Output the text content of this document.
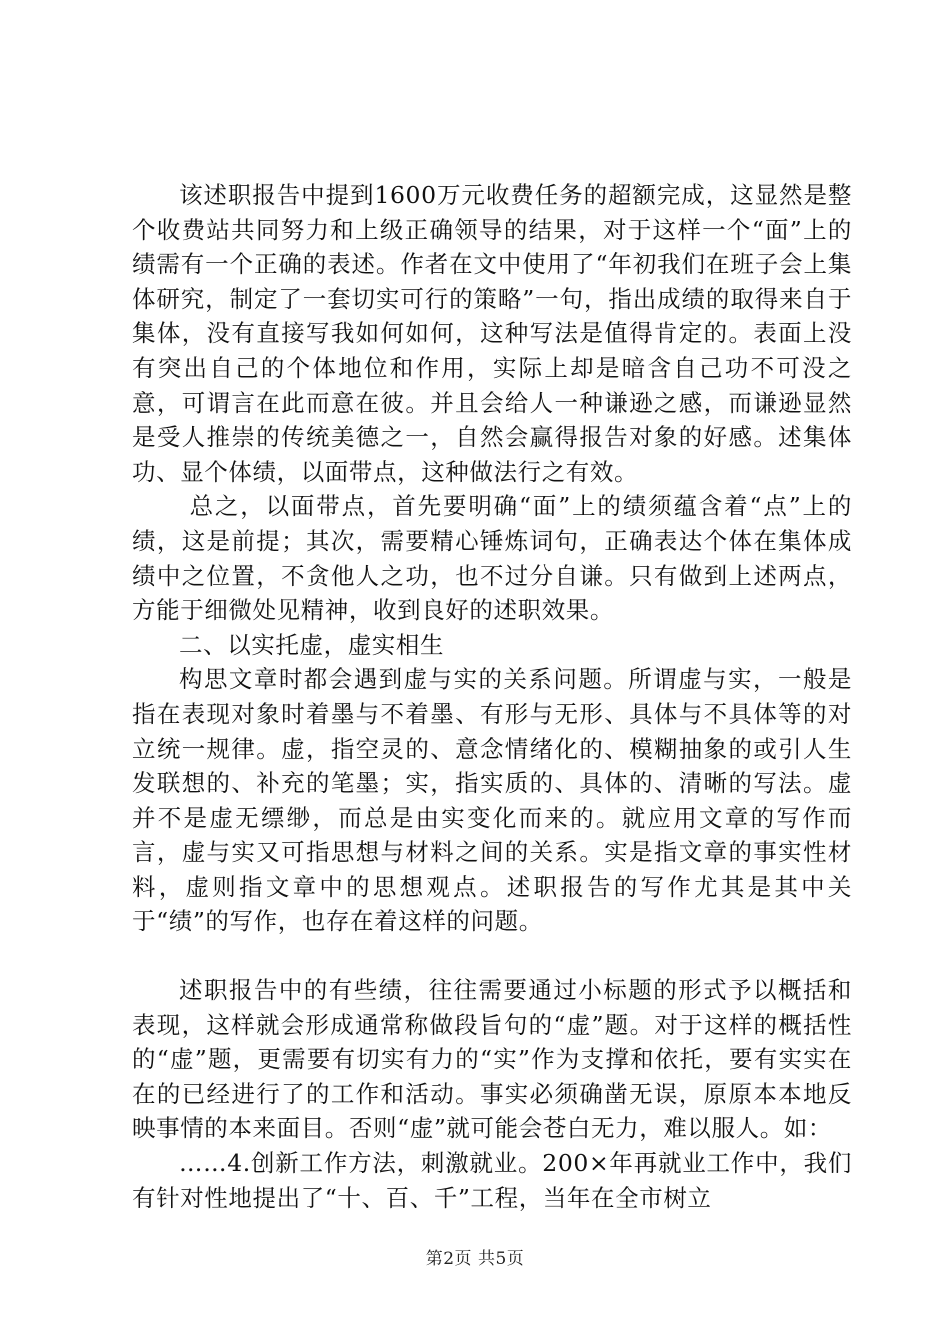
该述职报告中提到1600万元收费任务的超额完成，这显然是整个收费站共同努力和上级正确领导的结果，对于这样一个“面”上的绩需有一个正确的表述。作者在文中使用了“年初我们在班子会上集体研究，制定了一套切实可行的策略”一句，指出成绩的取得来自于集体，没有直接写我如何如何，这种写法是值得肯定的。表面上没有突出自己的个体地位和作用，实际上却是暗含自己功不可没之意，可谓言在此而意在彼。并且会给人一种谦逊之感，而谦逊显然是受人推崇的传统美德之一，自然会赢得报告对象的好感。述集体功、显个体绩，以面带点，这种做法行之有效。

总之，以面带点，首先要明确“面”上的绩须蕴含着“点”上的绩，这是前提；其次，需要精心锤炼词句，正确表达个体在集体成绩中之位置，不贪他人之功，也不过分自谦。只有做到上述两点，方能于细微处见精神，收到良好的述职效果。

二、以实托虚，虚实相生

构思文章时都会遇到虚与实的关系问题。所谓虚与实，一般是指在表现对象时着墨与不着墨、有形与无形、具体与不具体等的对立统一规律。虚，指空灵的、意念情绪化的、模糊抽象的或引人生发联想的、补充的笔墨；实，指实质的、具体的、清晰的写法。虚并不是虚无缥缈，而总是由实变化而来的。就应用文章的写作而言，虚与实又可指思想与材料之间的关系。实是指文章的事实性材料，虚则指文章中的思想观点。述职报告的写作尤其是其中关于“绩”的写作，也存在着这样的问题。

述职报告中的有些绩，往往需要通过小标题的形式予以概括和表现，这样就会形成通常称做段旨句的“虚”题。对于这样的概括性的“虚”题，更需要有切实有力的“实”作为支撑和依托，要有实实在在的已经进行了的工作和活动。事实必须确凿无误，原原本本地反映事情的本来面目。否则“虚”就可能会苍白无力，难以服人。如：

……4.创新工作方法，刺激就业。200×年再就业工作中，我们有针对性地提出了“十、百、千”工程，当年在全市树立

第2页 共5页
